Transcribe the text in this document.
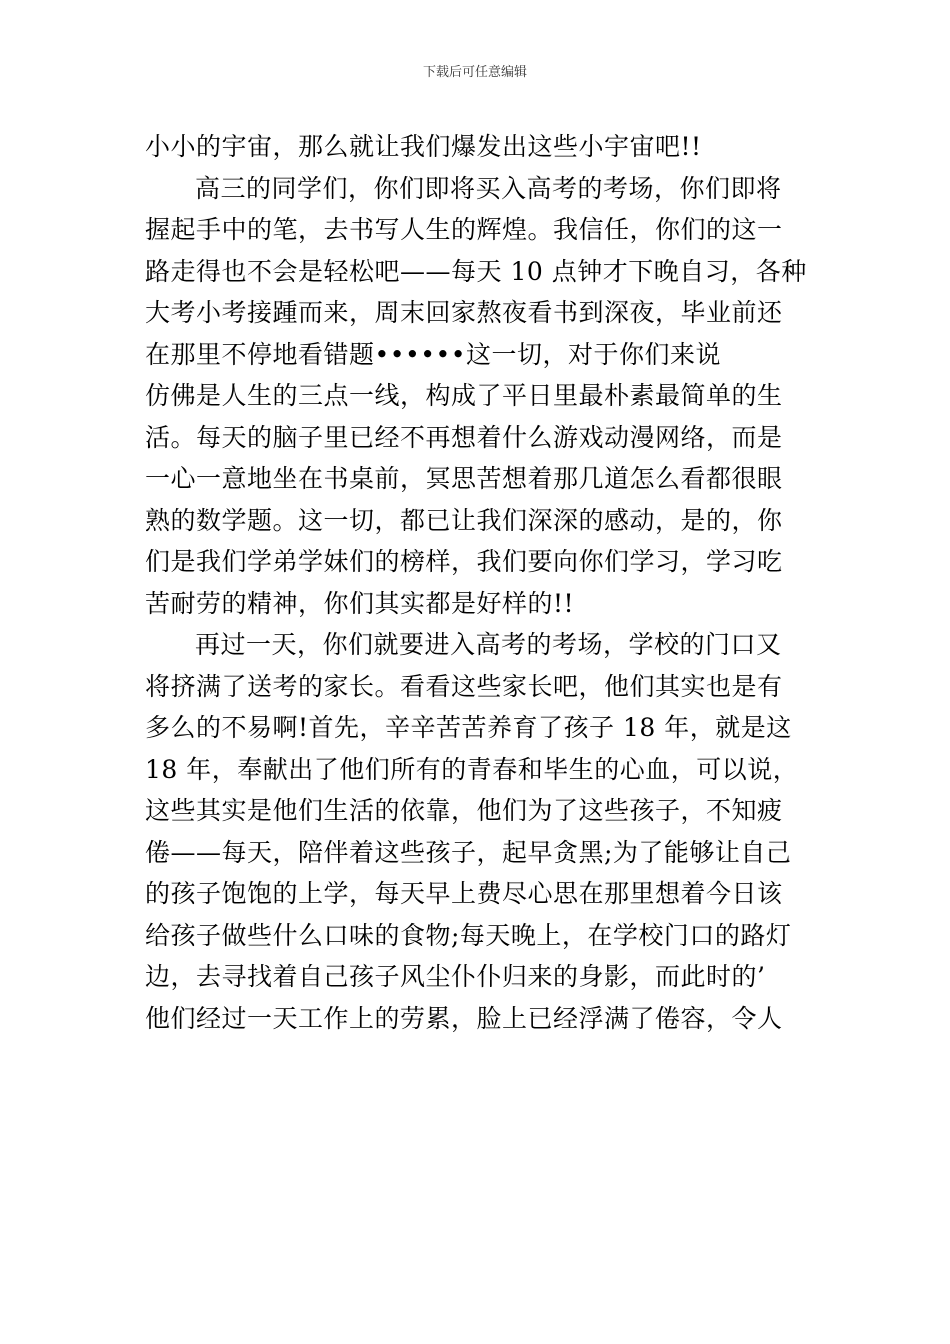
下载后可任意编辑
小小的宇宙，那么就让我们爆发出这些小宇宙吧!!
高三的同学们，你们即将买入高考的考场，你们即将
握起手中的笔，去书写人生的辉煌。我信任，你们的这一
路走得也不会是轻松吧——每天 10 点钟才下晚自习，各种
大考小考接踵而来，周末回家熬夜看书到深夜，毕业前还
在那里不停地看错题••••••这一切，对于你们来说
仿佛是人生的三点一线，构成了平日里最朴素最简单的生
活。每天的脑子里已经不再想着什么游戏动漫网络，而是
一心一意地坐在书桌前，冥思苦想着那几道怎么看都很眼
熟的数学题。这一切，都已让我们深深的感动，是的，你
们是我们学弟学妹们的榜样，我们要向你们学习，学习吃
苦耐劳的精神，你们其实都是好样的!!
再过一天，你们就要进入高考的考场，学校的门口又
将挤满了送考的家长。看看这些家长吧，他们其实也是有
多么的不易啊!首先，辛辛苦苦养育了孩子 18 年，就是这
18 年，奉献出了他们所有的青春和毕生的心血，可以说，
这些其实是他们生活的依靠，他们为了这些孩子，不知疲
倦——每天，陪伴着这些孩子，起早贪黑;为了能够让自己
的孩子饱饱的上学，每天早上费尽心思在那里想着今日该
给孩子做些什么口味的食物;每天晚上，在学校门口的路灯
边，去寻找着自己孩子风尘仆仆归来的身影，而此时的’
他们经过一天工作上的劳累，脸上已经浮满了倦容，令人
